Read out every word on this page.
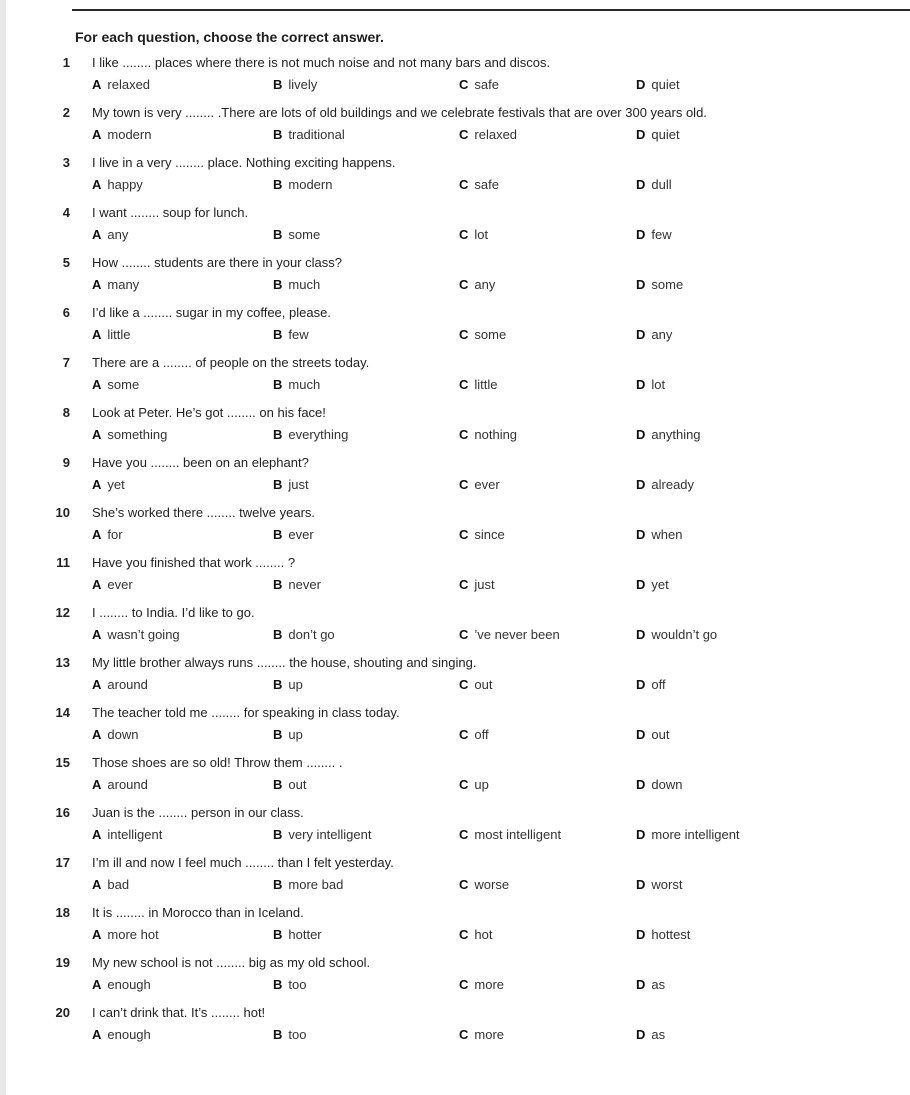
For each question, choose the correct answer.
1 I like ........ places where there is not much noise and not many bars and discos.
A relaxed	B lively	C safe	D quiet
2 My town is very ........ .There are lots of old buildings and we celebrate festivals that are over 300 years old.
A modern	B traditional	C relaxed	D quiet
3 I live in a very ........ place. Nothing exciting happens.
A happy	B modern	C safe	D dull
4 I want ........ soup for lunch.
A any	B some	C lot	D few
5 How ........ students are there in your class?
A many	B much	C any	D some
6 I’d like a ........ sugar in my coffee, please.
A little	B few	C some	D any
7 There are a ........ of people on the streets today.
A some	B much	C little	D lot
8 Look at Peter. He’s got ........ on his face!
A something	B everything	C nothing	D anything
9 Have you ........ been on an elephant?
A yet	B just	C ever	D already
10 She’s worked there ........ twelve years.
A for	B ever	C since	D when
11 Have you finished that work ........ ?
A ever	B never	C just	D yet
12 I ........ to India. I’d like to go.
A wasn’t going	B don’t go	C ’ve never been	D wouldn’t go
13 My little brother always runs ........ the house, shouting and singing.
A around	B up	C out	D off
14 The teacher told me ........ for speaking in class today.
A down	B up	C off	D out
15 Those shoes are so old! Throw them ........ .
A around	B out	C up	D down
16 Juan is the ........ person in our class.
A intelligent	B very intelligent	C most intelligent	D more intelligent
17 I’m ill and now I feel much ........ than I felt yesterday.
A bad	B more bad	C worse	D worst
18 It is ........ in Morocco than in Iceland.
A more hot	B hotter	C hot	D hottest
19 My new school is not ........ big as my old school.
A enough	B too	C more	D as
20 I can’t drink that. It’s ........ hot!
A enough	B too	C more	D as
